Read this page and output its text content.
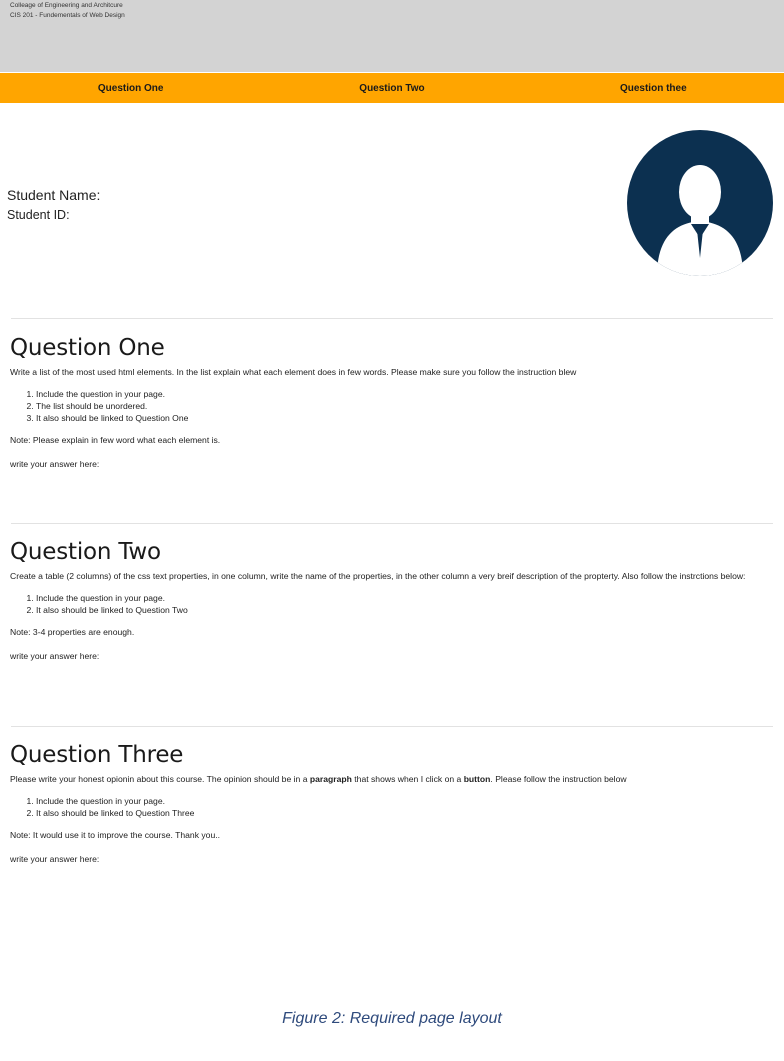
Colleage of Engineering and Architcure
CIS 201 - Fundementals of Web Design
Question One	Question Two	Question thee
Student Name:
Student ID:
Question One

Write a list of the most used html elements. In the list explain what each element does in few words. Please make sure you follow the instruction blew

1. Include the question in your page.
2. The list should be unordered.
3. It also should be linked to Question One

Note: Please explain in few word what each element is.

write your answer here:

Question Two

Create a table (2 columns) of the css text properties, in one column, write the name of the properties, in the other column a very breif description of the propterty. Also follow the instrctions below:

1. Include the question in your page.
2. It also should be linked to Question Two

Note: 3-4 properties are enough.

write your answer here:

Question Three

Please write your honest opionin about this course. The opinion should be in a paragraph that shows when I click on a button. Please follow the instruction below

1. Include the question in your page.
2. It also should be linked to Question Three

Note: It would use it to improve the course. Thank you..

write your answer here:

Figure 2: Required page layout
